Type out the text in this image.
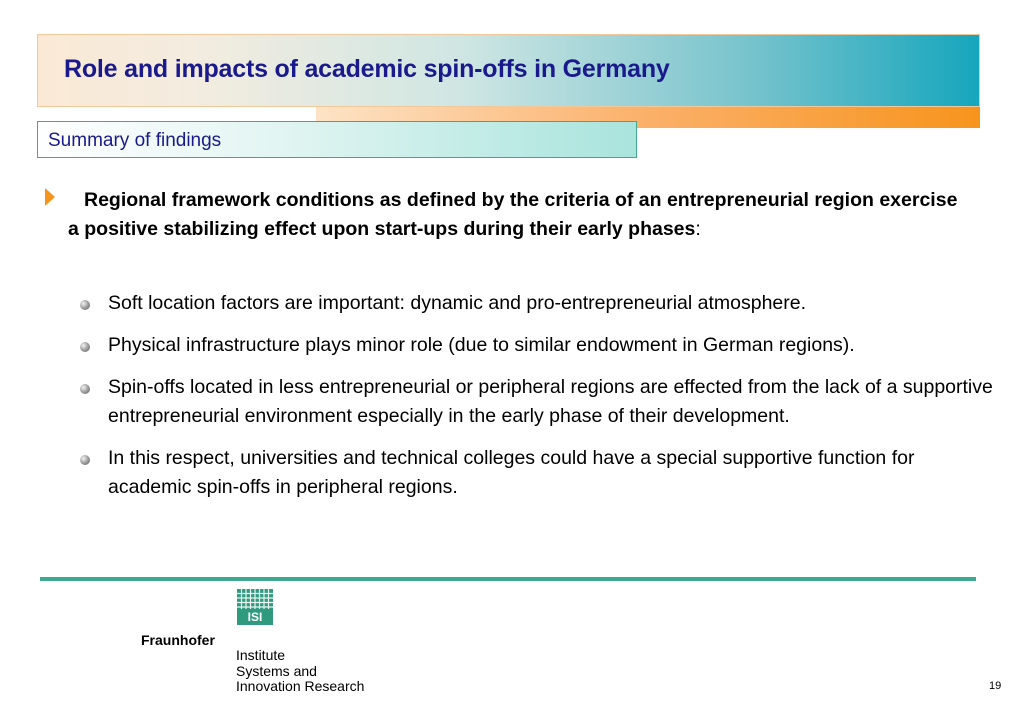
Role and impacts of academic spin-offs in Germany
Summary of findings
Regional framework conditions as defined by the criteria of an entrepreneurial region exercise a positive stabilizing effect upon start-ups during their early phases:
Soft location factors are important: dynamic and pro-entrepreneurial atmosphere.
Physical infrastructure plays minor role (due to similar endowment in German regions).
Spin-offs located in less entrepreneurial or peripheral regions are effected from the lack of a supportive entrepreneurial environment especially in the early phase of their development.
In this respect, universities and technical colleges could have a special supportive function for academic spin-offs in peripheral regions.
ISI
Fraunhofer
Institute
Systems and
Innovation Research	19
